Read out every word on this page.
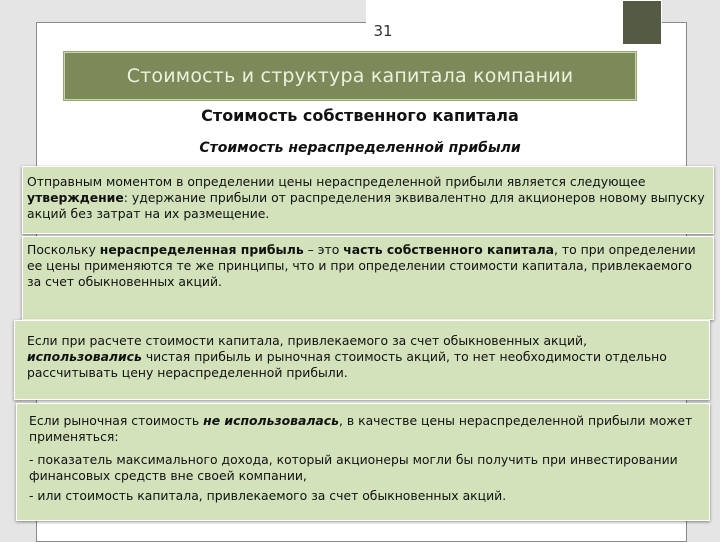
31
Стоимость и структура капитала компании
Стоимость собственного капитала
Стоимость нераспределенной прибыли

Отправным моментом в определении цены нераспределенной прибыли является следующее утверждение: удержание прибыли от распределения эквивалентно для акционеров новому выпуску акций без затрат на их размещение.

Поскольку нераспределенная прибыль – это часть собственного капитала, то при определении ее цены применяются те же принципы, что и при определении стоимости капитала, привлекаемого за счет обыкновенных акций.

Если при расчете стоимости капитала, привлекаемого за счет обыкновенных акций, использовались чистая прибыль и рыночная стоимость акций, то нет необходимости отдельно рассчитывать цену нераспределенной прибыли.

Если рыночная стоимость не использовалась, в качестве цены нераспределенной прибыли может применяться:

- показатель максимального дохода, который акционеры могли бы получить при инвестировании финансовых средств вне своей компании,

- или стоимость капитала, привлекаемого за счет обыкновенных акций.
